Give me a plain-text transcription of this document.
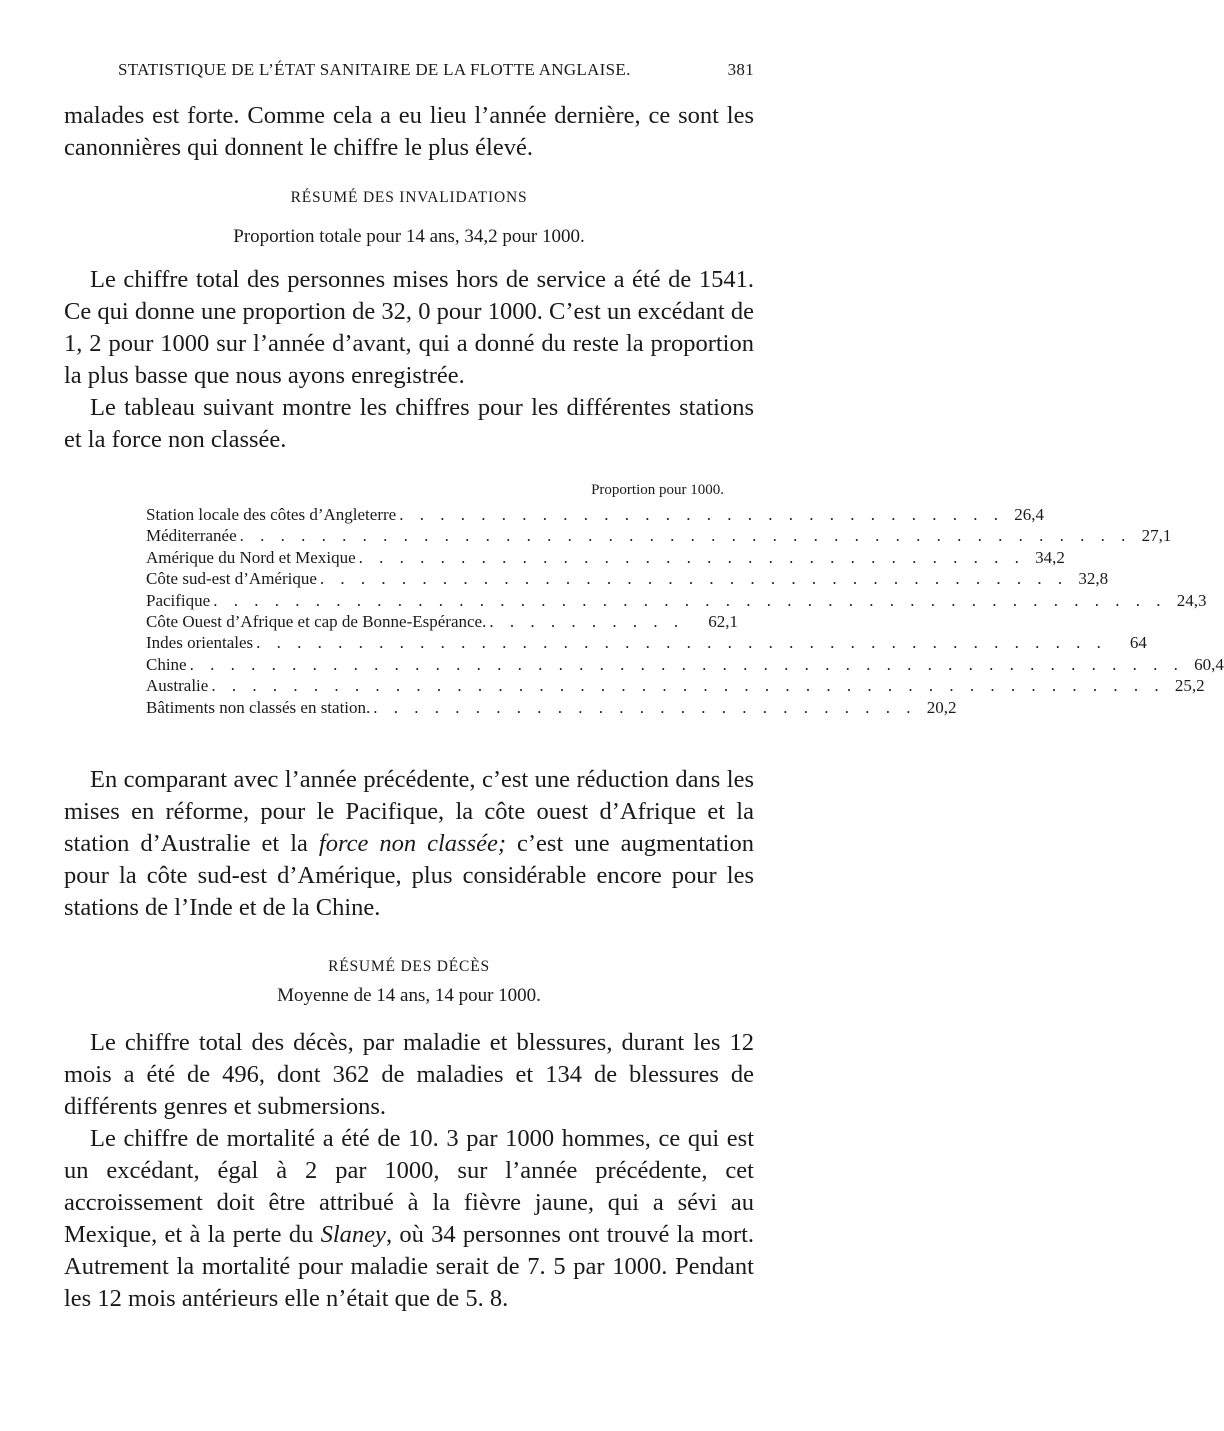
STATISTIQUE DE L’ÉTAT SANITAIRE DE LA FLOTTE ANGLAISE.	381

malades est forte. Comme cela a eu lieu l’année dernière, ce sont les canonnières qui donnent le chiffre le plus élevé.

RÉSUMÉ DES INVALIDATIONS

Proportion totale pour 14 ans, 34,2 pour 1000.

Le chiffre total des personnes mises hors de service a été de 1541. Ce qui donne une proportion de 32, 0 pour 1000. C’est un excédant de 1, 2 pour 1000 sur l’année d’avant, qui a donné du reste la proportion la plus basse que nous ayons enregistrée.

Le tableau suivant montre les chiffres pour les différentes stations et la force non classée.

Proportion pour 1000.
Station locale des côtes d’Angleterre . . . . . . . . . . . . . . . . . . . . . . . . . . . . . . 26,4
Méditerranée . . . . . . . . . . . . . . . . . . . . . . . . . . . . . . . . . . . . . . . . . . . . 27,1
Amérique du Nord et Mexique . . . . . . . . . . . . . . . . . . . . . . . . . . . . . . . . . 34,2
Côte sud-est d’Amérique . . . . . . . . . . . . . . . . . . . . . . . . . . . . . . . . . . . . . 32,8
Pacifique . . . . . . . . . . . . . . . . . . . . . . . . . . . . . . . . . . . . . . . . . . . . . . . 24,3
Côte Ouest d’Afrique et cap de Bonne-Espérance. . . . . . . . . . .	62,1
Indes orientales . . . . . . . . . . . . . . . . . . . . . . . . . . . . . . . . . . . . . . . . . .	64
Chine . . . . . . . . . . . . . . . . . . . . . . . . . . . . . . . . . . . . . . . . . . . . . . . . . 60,4
Australie . . . . . . . . . . . . . . . . . . . . . . . . . . . . . . . . . . . . . . . . . . . . . . . 25,2
Bâtiments non classés en station. . . . . . . . . . . . . . . . . . . . . . . . . . . . 20,2

En comparant avec l’année précédente, c’est une réduction dans les mises en réforme, pour le Pacifique, la côte ouest d’Afrique et la station d’Australie et la force non classée; c’est une augmentation pour la côte sud-est d’Amérique, plus considérable encore pour les stations de l’Inde et de la Chine.

RÉSUMÉ DES DÉCÈS

Moyenne de 14 ans, 14 pour 1000.

Le chiffre total des décès, par maladie et blessures, durant les 12 mois a été de 496, dont 362 de maladies et 134 de blessures de différents genres et submersions.

Le chiffre de mortalité a été de 10. 3 par 1000 hommes, ce qui est un excédant, égal à 2 par 1000, sur l’année précédente, cet accroissement doit être attribué à la fièvre jaune, qui a sévi au Mexique, et à la perte du Slaney, où 34 personnes ont trouvé la mort. Autrement la mortalité pour maladie serait de 7. 5 par 1000. Pendant les 12 mois antérieurs elle n’était que de 5. 8.
